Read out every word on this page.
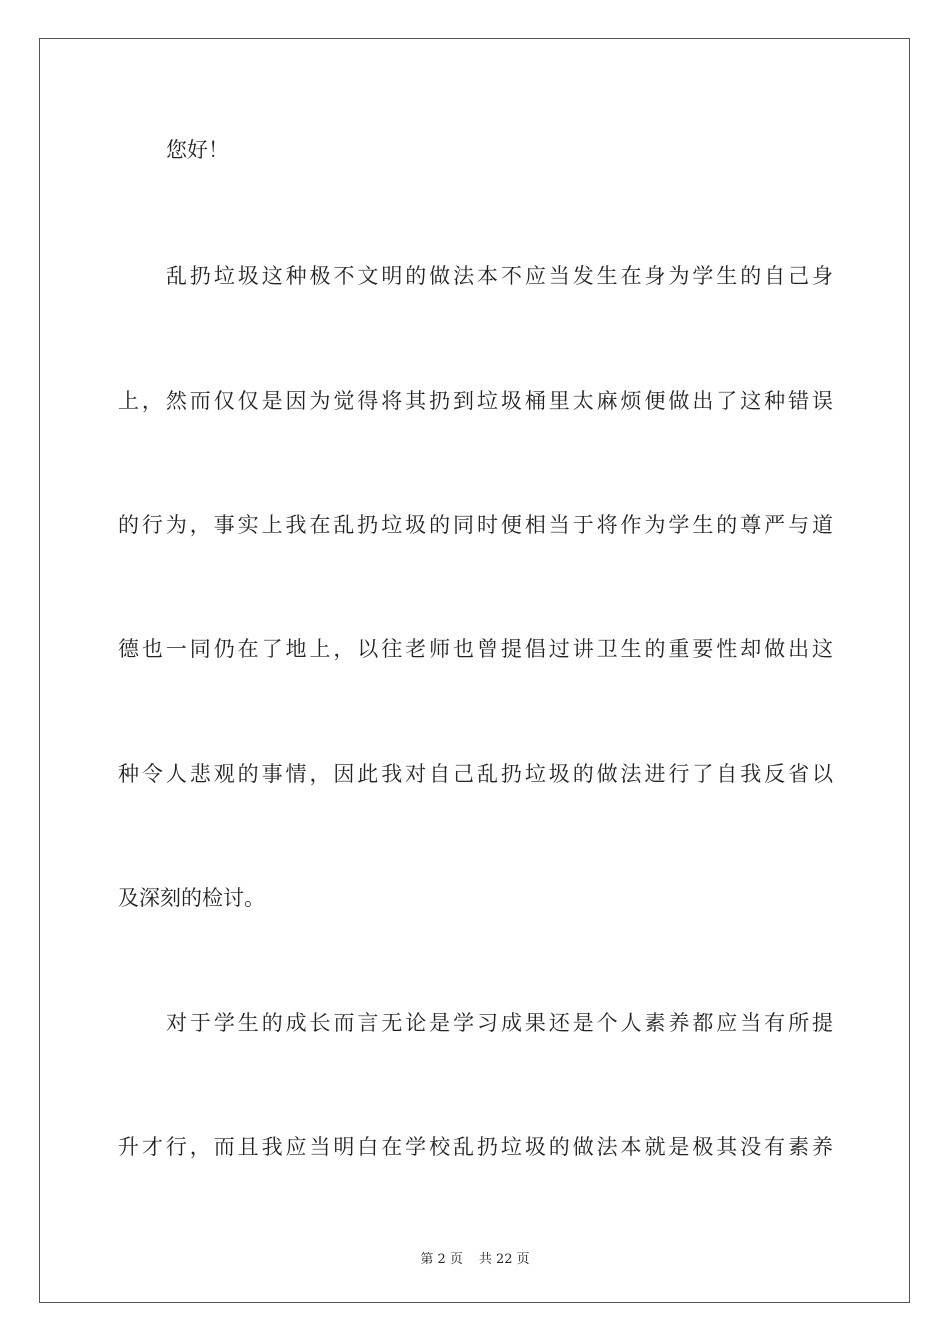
您好！
乱扔垃圾这种极不文明的做法本不应当发生在身为学生的自己身
上，然而仅仅是因为觉得将其扔到垃圾桶里太麻烦便做出了这种错误
的行为，事实上我在乱扔垃圾的同时便相当于将作为学生的尊严与道
德也一同仍在了地上，以往老师也曾提倡过讲卫生的重要性却做出这
种令人悲观的事情，因此我对自己乱扔垃圾的做法进行了自我反省以
及深刻的检讨。
对于学生的成长而言无论是学习成果还是个人素养都应当有所提
升才行，而且我应当明白在学校乱扔垃圾的做法本就是极其没有素养
第 2 页 共 22 页
